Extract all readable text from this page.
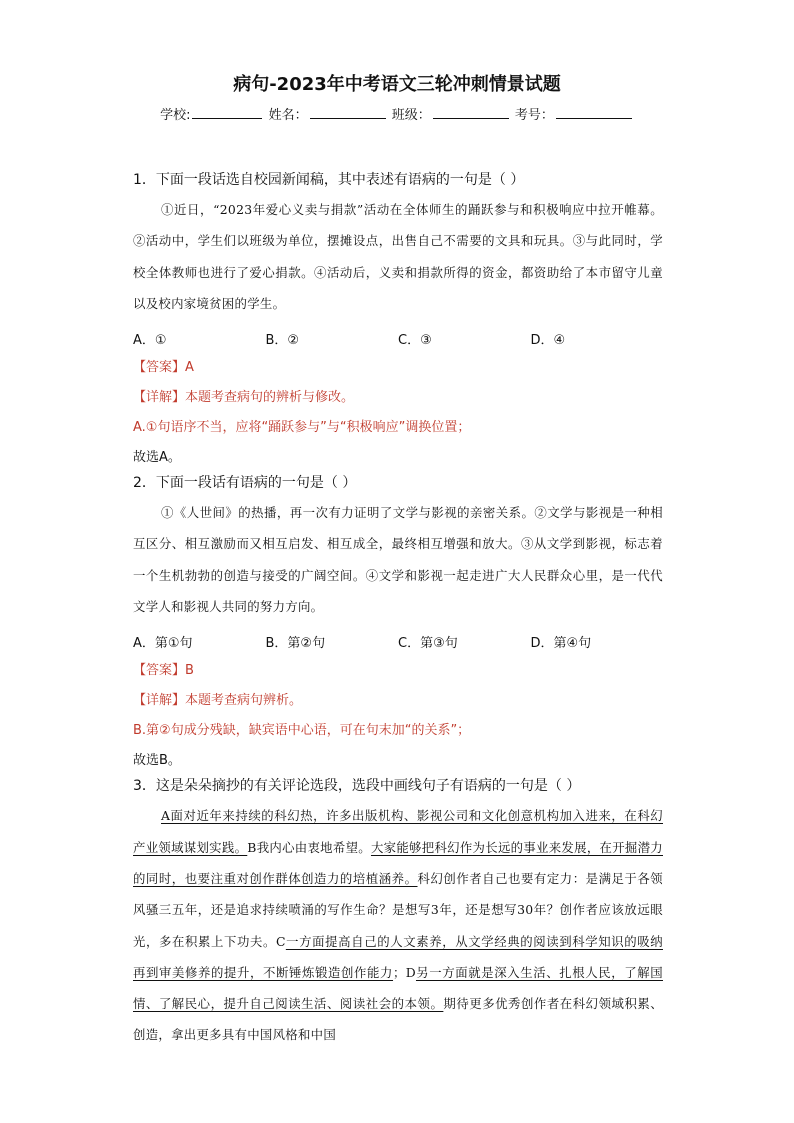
病句-2023年中考语文三轮冲刺情景试题
学校:	姓名：	班级：	考号：

1．下面一段话选自校园新闻稿，其中表述有语病的一句是（ ）

①近日，“2023年爱心义卖与捐款”活动在全体师生的踊跃参与和积极响应中拉开帷幕。②活动中，学生们以班级为单位，摆摊设点，出售自己不需要的文具和玩具。③与此同时，学校全体教师也进行了爱心捐款。④活动后，义卖和捐款所得的资金，都资助给了本市留守儿童以及校内家境贫困的学生。

A．①	B．②	C．③	D．④
【答案】A
【详解】本题考查病句的辨析与修改。
A.①句语序不当，应将“踊跃参与”与“积极响应”调换位置；
故选A。

2．下面一段话有语病的一句是（ ）

①《人世间》的热播，再一次有力证明了文学与影视的亲密关系。②文学与影视是一种相互区分、相互激励而又相互启发、相互成全，最终相互增强和放大。③从文学到影视，标志着一个生机勃勃的创造与接受的广阔空间。④文学和影视一起走进广大人民群众心里，是一代代文学人和影视人共同的努力方向。

A．第①句	B．第②句	C．第③句	D．第④句
【答案】B
【详解】本题考查病句辨析。
B.第②句成分残缺，缺宾语中心语，可在句末加“的关系”；
故选B。

3．这是朵朵摘抄的有关评论选段，选段中画线句子有语病的一句是（ ）

A面对近年来持续的科幻热，许多出版机构、影视公司和文化创意机构加入进来，在科幻产业领域谋划实践。B我内心由衷地希望。大家能够把科幻作为长远的事业来发展，在开掘潜力的同时，也要注重对创作群体创造力的培植涵养。科幻创作者自己也要有定力：是满足于各领风骚三五年，还是追求持续喷涌的写作生命？是想写3年，还是想写30年？创作者应该放远眼光，多在积累上下功夫。C一方面提高自己的人文素养，从文学经典的阅读到科学知识的吸纳再到审美修养的提升，不断锤炼锻造创作能力；D另一方面就是深入生活、扎根人民，了解国情、了解民心，提升自己阅读生活、阅读社会的本领。期待更多优秀创作者在科幻领域积累、创造，拿出更多具有中国风格和中国
